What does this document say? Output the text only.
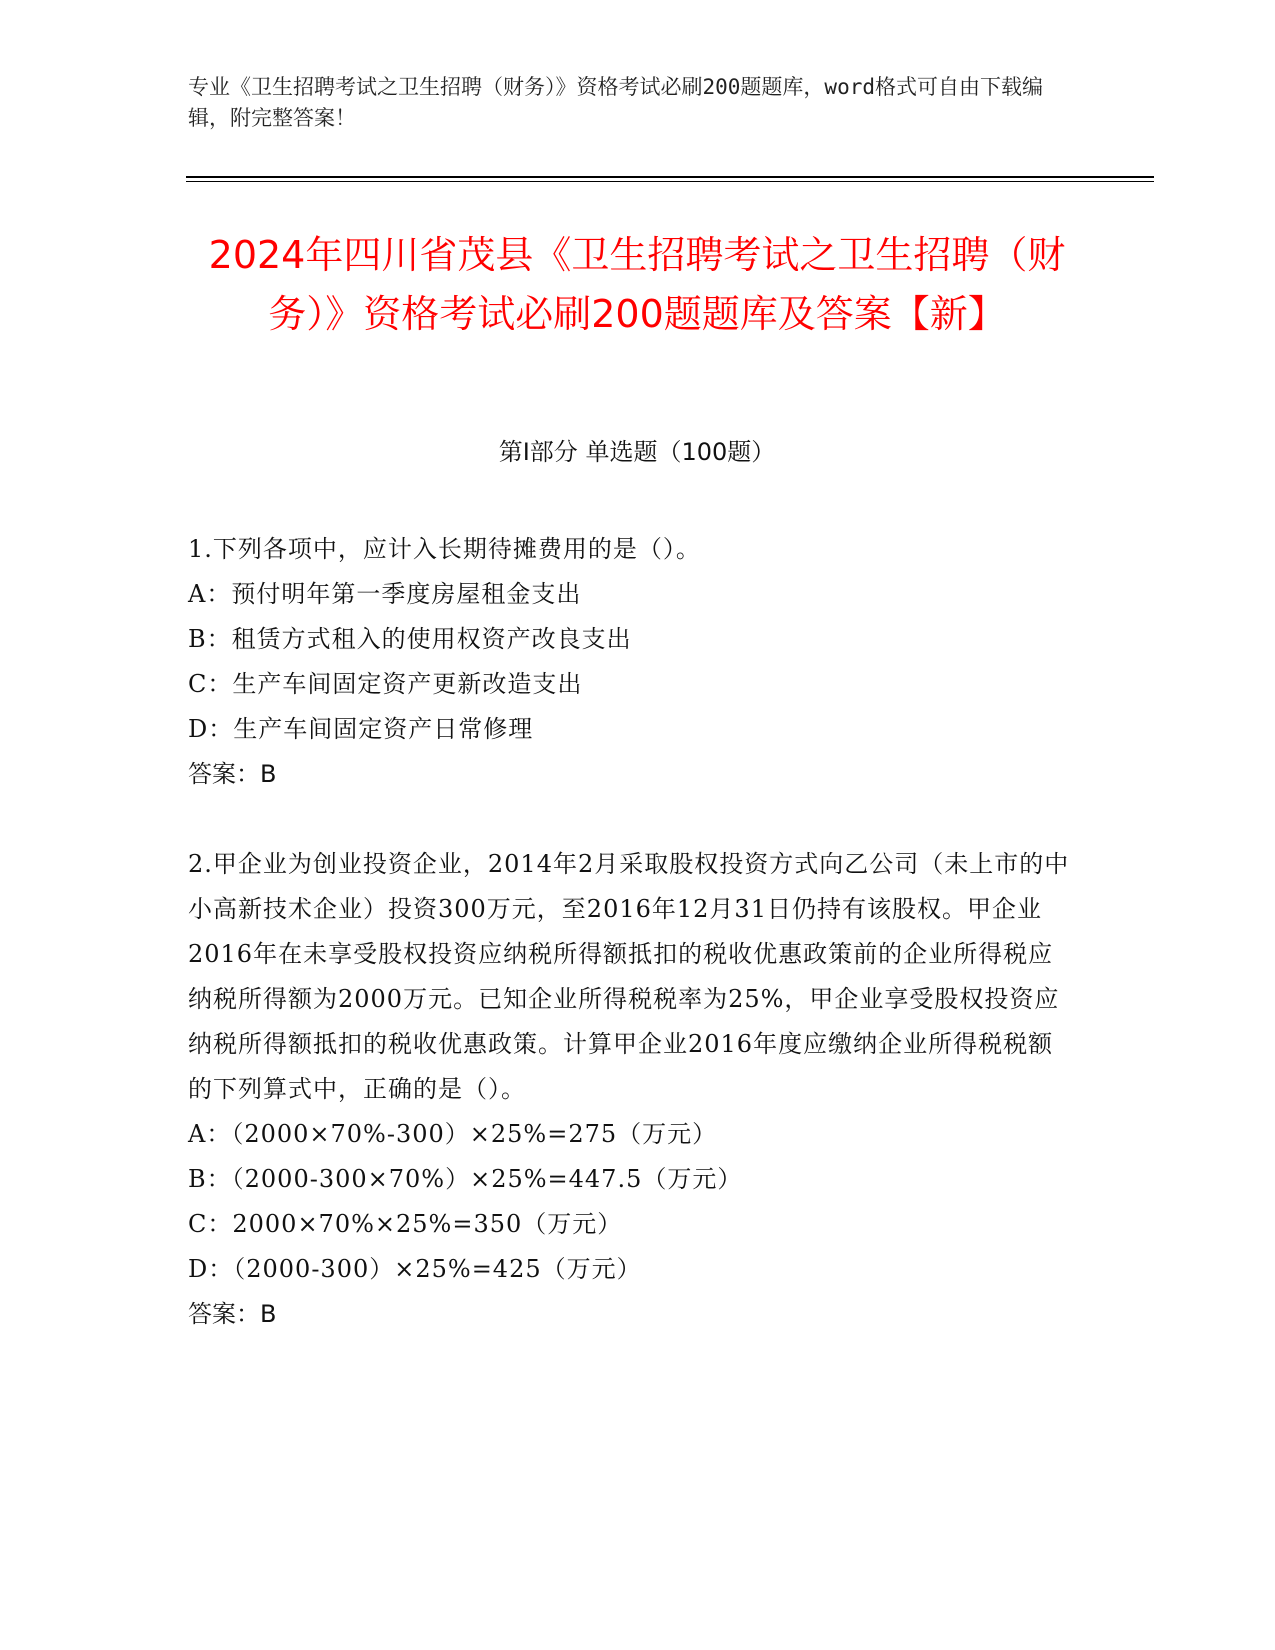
专业《卫生招聘考试之卫生招聘（财务）》资格考试必刷200题题库，word格式可自由下载编辑，附完整答案！
2024年四川省茂县《卫生招聘考试之卫生招聘（财务）》资格考试必刷200题题库及答案【新】
第I部分 单选题（100题）
1.下列各项中，应计入长期待摊费用的是（）。
A：预付明年第一季度房屋租金支出
B：租赁方式租入的使用权资产改良支出
C：生产车间固定资产更新改造支出
D：生产车间固定资产日常修理
答案：B
2.甲企业为创业投资企业，2014年2月采取股权投资方式向乙公司（未上市的中小高新技术企业）投资300万元，至2016年12月31日仍持有该股权。甲企业2016年在未享受股权投资应纳税所得额抵扣的税收优惠政策前的企业所得税应纳税所得额为2000万元。已知企业所得税税率为25%，甲企业享受股权投资应纳税所得额抵扣的税收优惠政策。计算甲企业2016年度应缴纳企业所得税税额的下列算式中，正确的是（）。
A：（2000×70%-300）×25%=275（万元）
B：（2000-300×70%）×25%=447.5（万元）
C：2000×70%×25%=350（万元）
D：（2000-300）×25%=425（万元）
答案：B
